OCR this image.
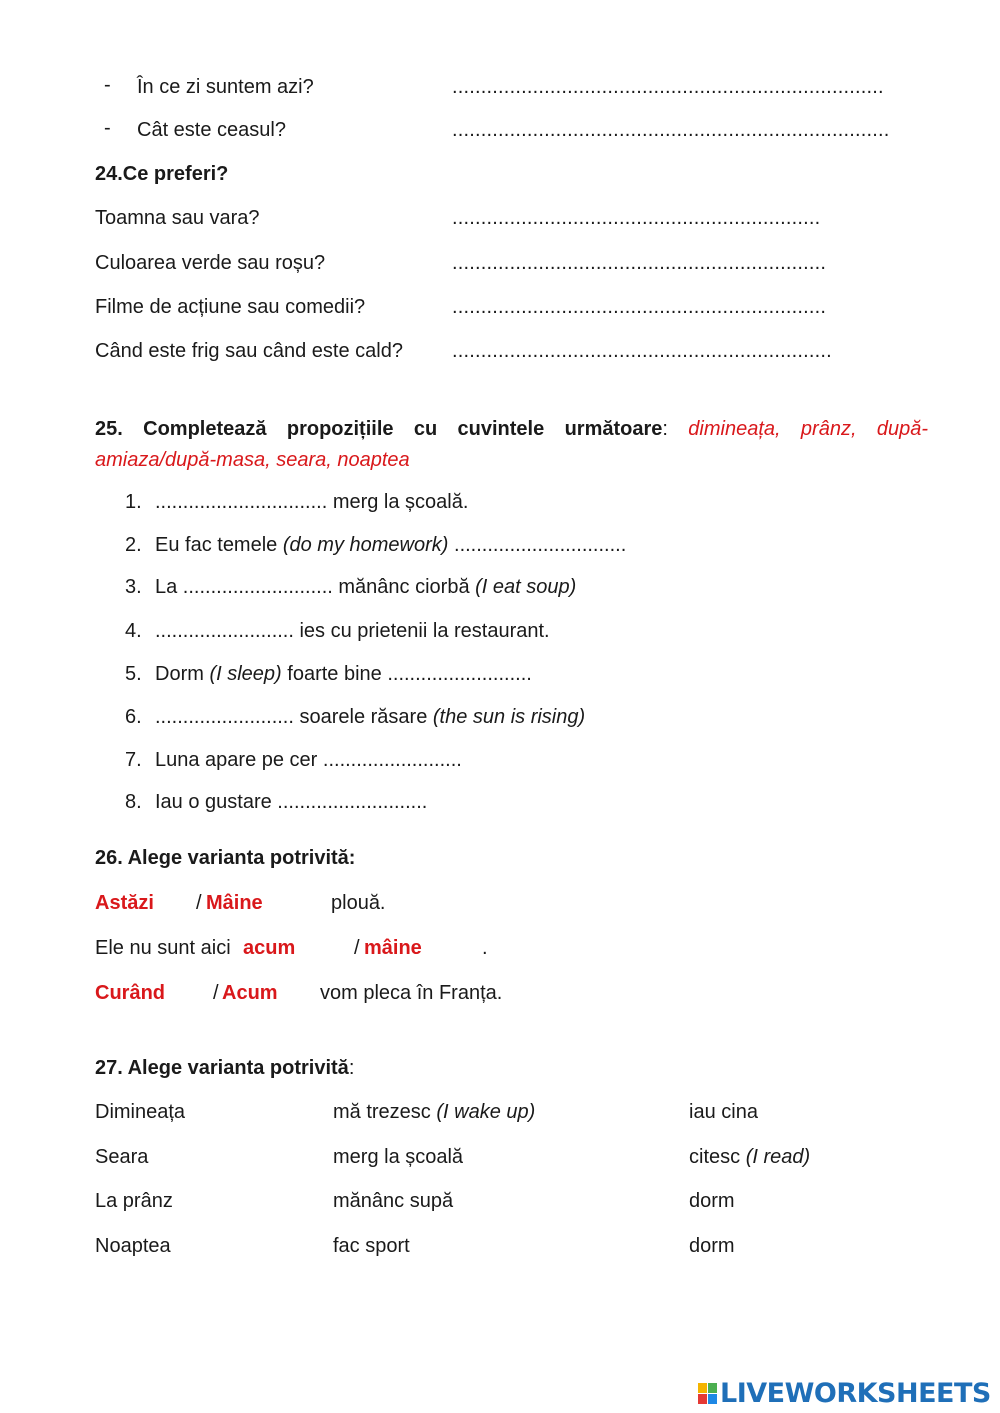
- În ce zi suntem azi?	...........................................................................
- Cât este ceasul?	............................................................................
24.Ce preferi?
Toamna sau vara?	................................................................
Culoarea verde sau roșu?	.................................................................
Filme de acțiune sau comedii?	.................................................................
Când este frig sau când este cald? ..................................................................
25. Completează propozițiile cu cuvintele următoare: dimineața, prânz, după-amiaza/după-masa, seara, noaptea
1. ............................... merg la școală.
2. Eu fac temele (do my homework) ...............................
3. La ........................... mănânc ciorbă (I eat soup)
4. ......................... ies cu prietenii la restaurant.
5. Dorm (I sleep) foarte bine ..........................
6. ......................... soarele răsare (the sun is rising)
7. Luna apare pe cer .........................
8. Iau o gustare ...........................
26. Alege varianta potrivită:
Astăzi / Mâine	plouă.
Ele nu sunt aici acum	/ mâine	.
Curând / Acum vom pleca în Franța.
27. Alege varianta potrivită:
Dimineața	mă trezesc (I wake up)	iau cina
Seara	merg la școală	citesc (I read)
La prânz	mănânc supă	dorm
Noaptea	fac sport	dorm
LIVEWORKSHEETS
